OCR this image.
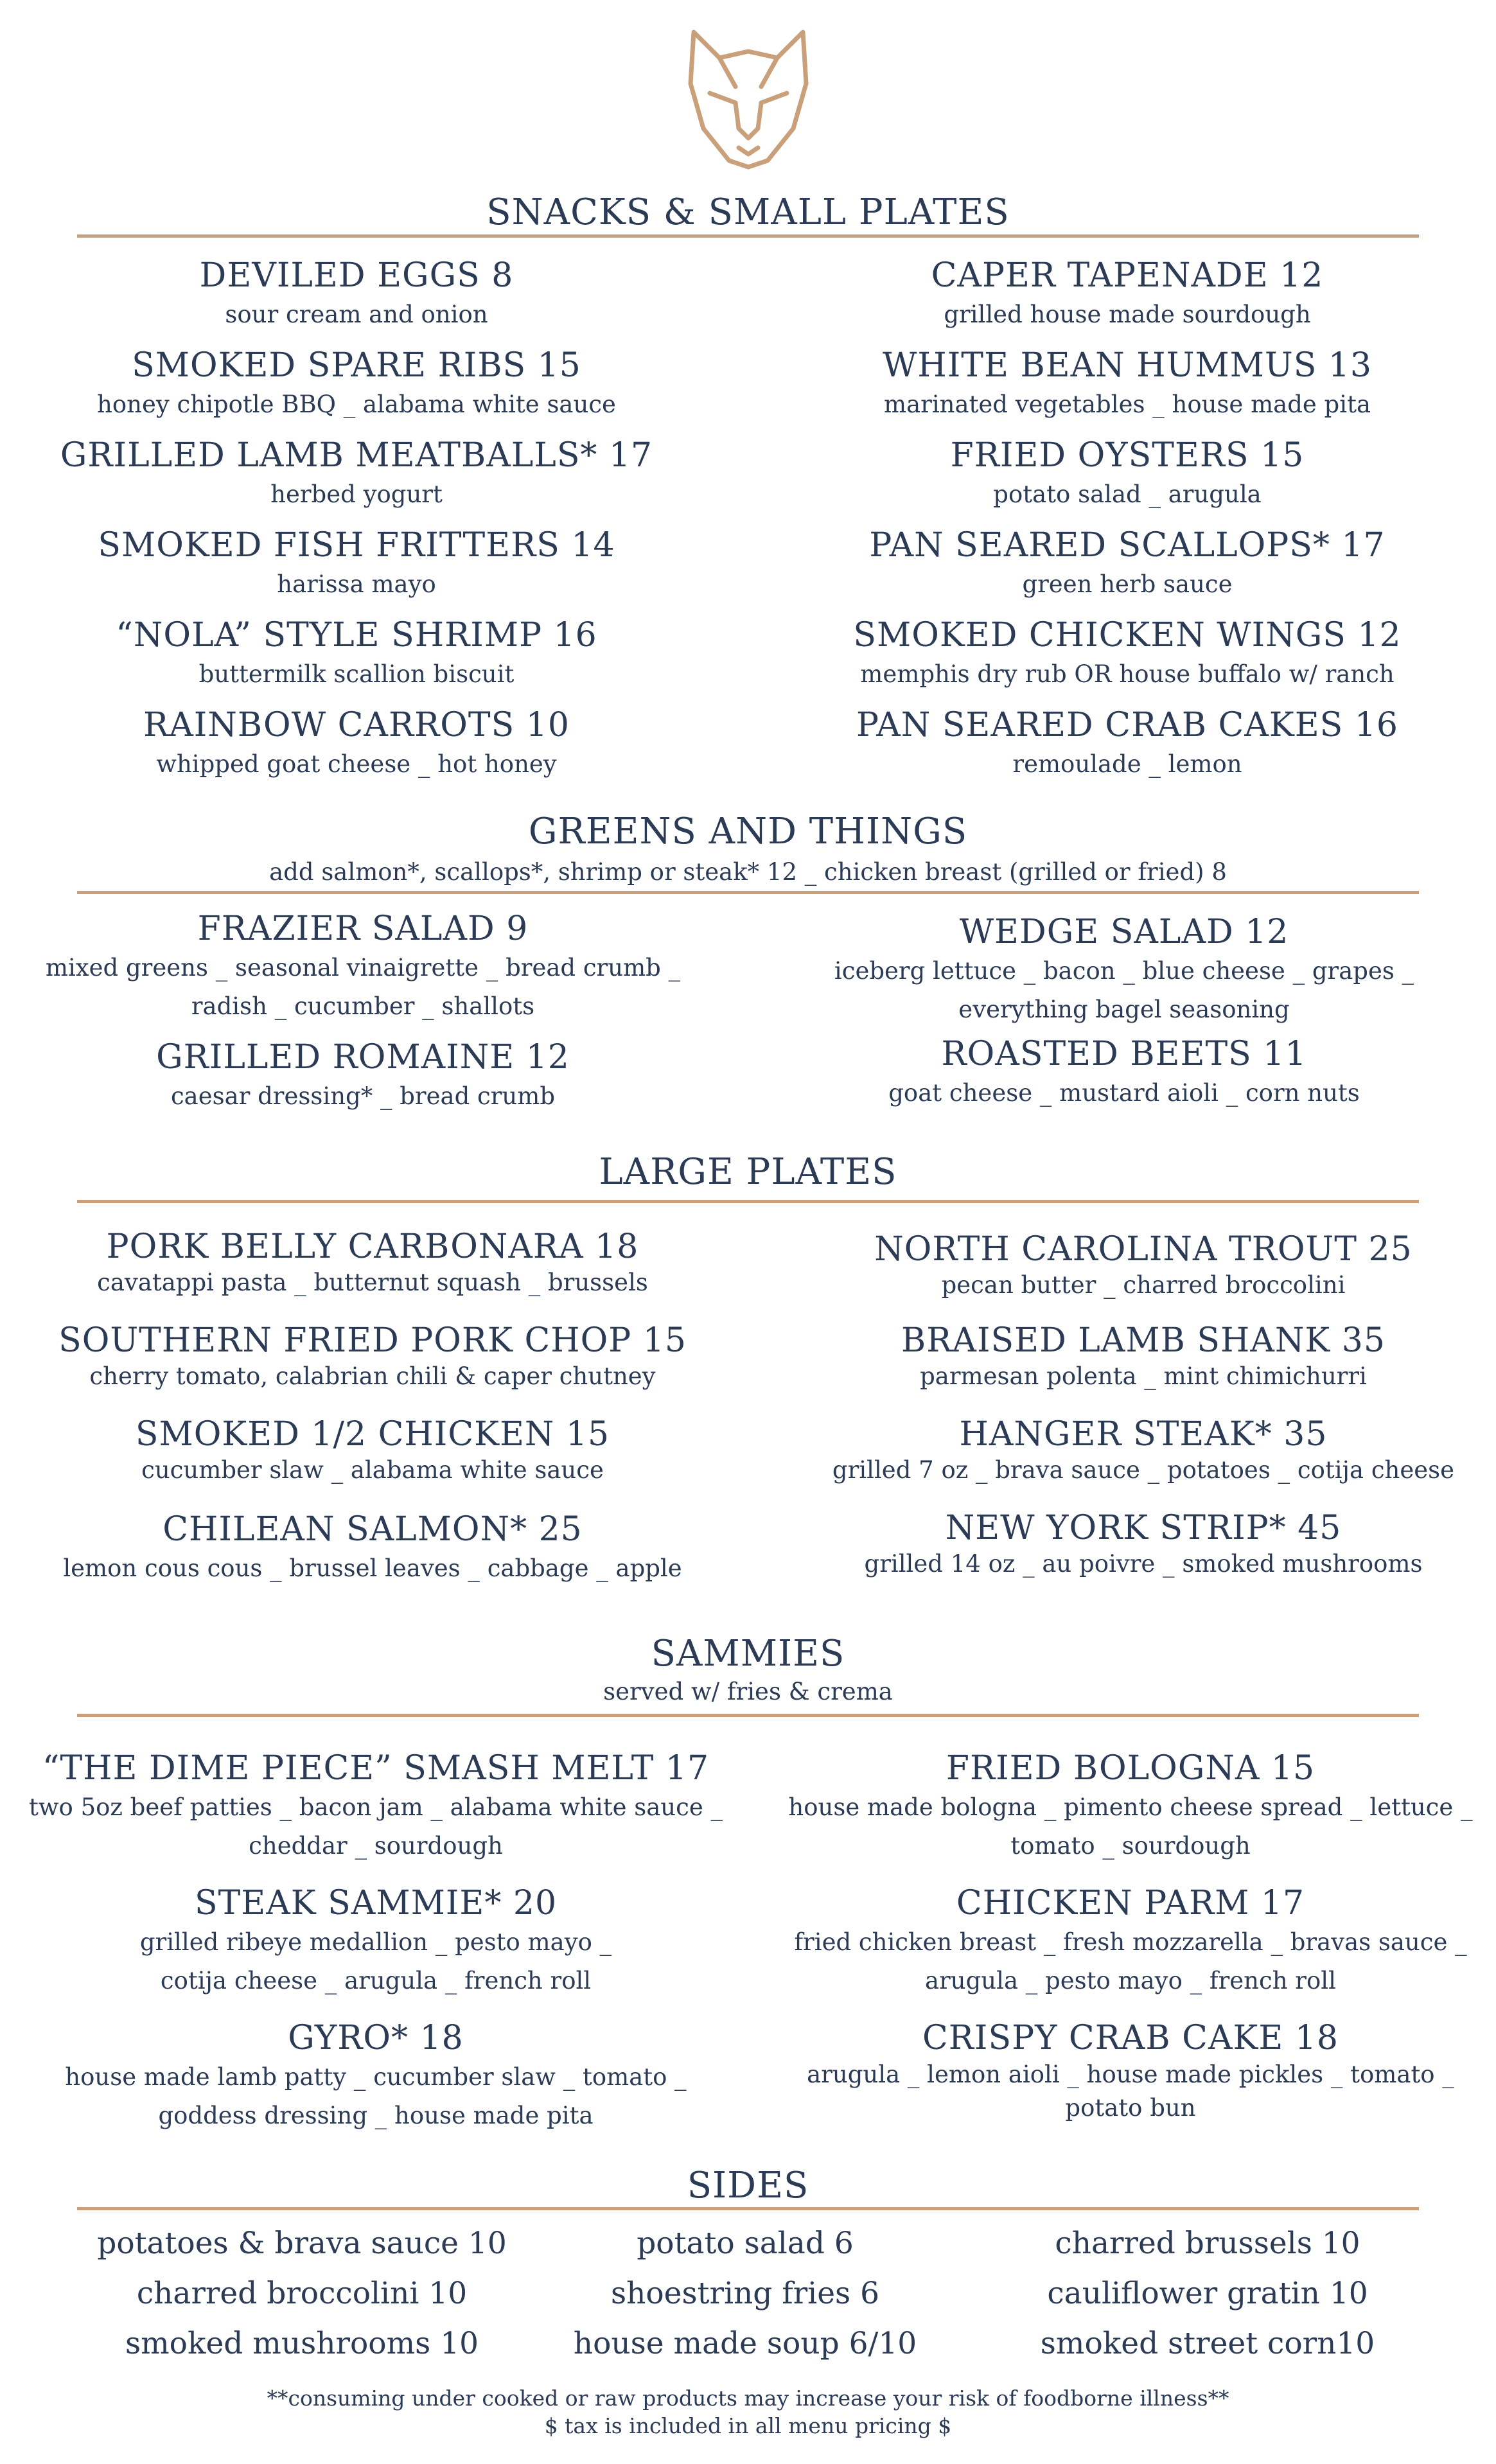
SNACKS & SMALL PLATES
DEVILED EGGS 8
sour cream and onion
SMOKED SPARE RIBS 15
honey chipotle BBQ _ alabama white sauce
GRILLED LAMB MEATBALLS* 17
herbed yogurt
SMOKED FISH FRITTERS 14
harissa mayo
“NOLA” STYLE SHRIMP 16
buttermilk scallion biscuit
RAINBOW CARROTS 10
whipped goat cheese _ hot honey
CAPER TAPENADE 12
grilled house made sourdough
WHITE BEAN HUMMUS 13
marinated vegetables _ house made pita
FRIED OYSTERS 15
potato salad _ arugula
PAN SEARED SCALLOPS* 17
green herb sauce
SMOKED CHICKEN WINGS 12
memphis dry rub OR house buffalo w/ ranch
PAN SEARED CRAB CAKES 16
remoulade _ lemon
GREENS AND THINGS
add salmon*, scallops*, shrimp or steak* 12 _ chicken breast (grilled or fried) 8
FRAZIER SALAD 9
mixed greens _ seasonal vinaigrette _ bread crumb _
radish _ cucumber _ shallots
GRILLED ROMAINE 12
caesar dressing* _ bread crumb
WEDGE SALAD 12
iceberg lettuce _ bacon _ blue cheese _ grapes _
everything bagel seasoning
ROASTED BEETS 11
goat cheese _ mustard aioli _ corn nuts
LARGE PLATES
PORK BELLY CARBONARA 18
cavatappi pasta _ butternut squash _ brussels
SOUTHERN FRIED PORK CHOP 15
cherry tomato, calabrian chili & caper chutney
SMOKED 1/2 CHICKEN 15
cucumber slaw _ alabama white sauce
CHILEAN SALMON* 25
lemon cous cous _ brussel leaves _ cabbage _ apple
NORTH CAROLINA TROUT 25
pecan butter _ charred broccolini
BRAISED LAMB SHANK 35
parmesan polenta _ mint chimichurri
HANGER STEAK* 35
grilled 7 oz _ brava sauce _ potatoes _ cotija cheese
NEW YORK STRIP* 45
grilled 14 oz _ au poivre _ smoked mushrooms
SAMMIES
served w/ fries & crema
“THE DIME PIECE” SMASH MELT 17
two 5oz beef patties _ bacon jam _ alabama white sauce _
cheddar _ sourdough
STEAK SAMMIE* 20
grilled ribeye medallion _ pesto mayo _
cotija cheese _ arugula _ french roll
GYRO* 18
house made lamb patty _ cucumber slaw _ tomato _
goddess dressing _ house made pita
FRIED BOLOGNA 15
house made bologna _ pimento cheese spread _ lettuce _
tomato _ sourdough
CHICKEN PARM 17
fried chicken breast _ fresh mozzarella _ bravas sauce _
arugula _ pesto mayo _ french roll
CRISPY CRAB CAKE 18
arugula _ lemon aioli _ house made pickles _ tomato _
potato bun
SIDES
potatoes & brava sauce 10
charred broccolini 10
smoked mushrooms 10
potato salad 6
shoestring fries 6
house made soup 6/10
charred brussels 10
cauliflower gratin 10
smoked street corn10
**consuming under cooked or raw products may increase your risk of foodborne illness**
$ tax is included in all menu pricing $
